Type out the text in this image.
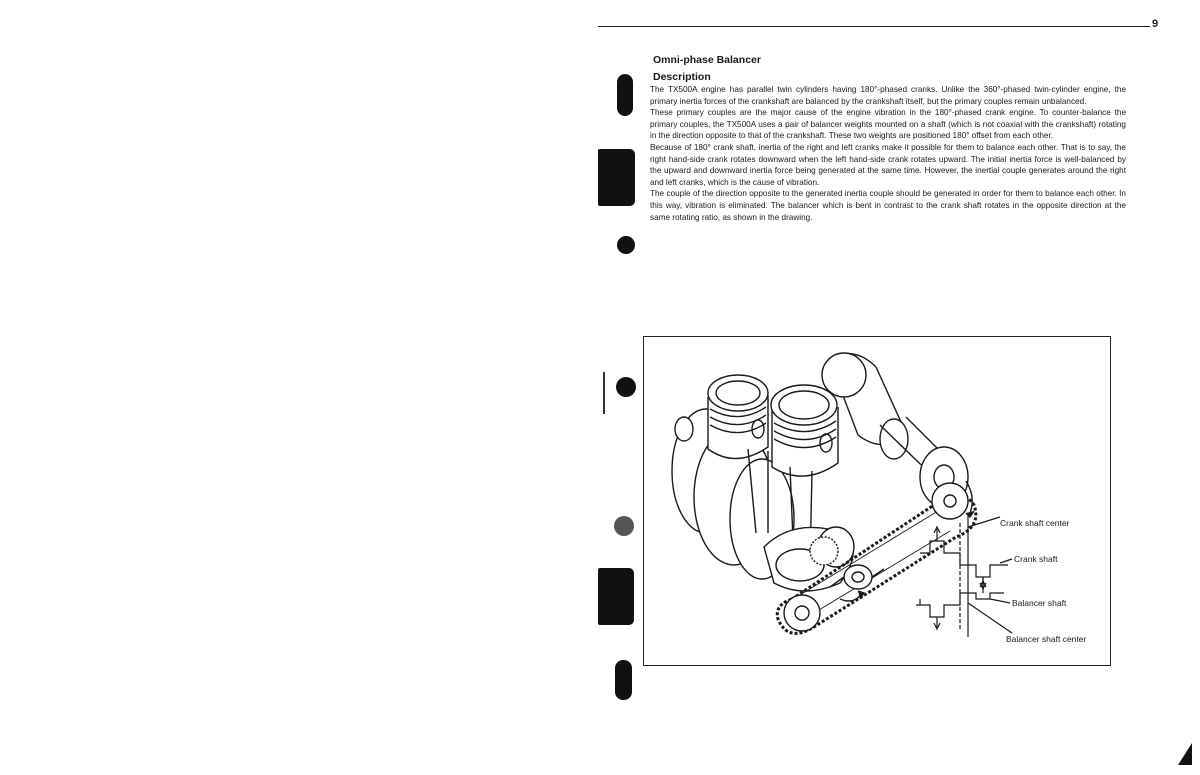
9
Omni-phase Balancer
Description

The TX500A engine has parallel twin cylinders having 180°-phased cranks. Unlike the 360°-phased twin-cylinder engine, the primary inertia forces of the crankshaft are balanced by the crankshaft itself, but the primary couples remain unbalanced.

These primary couples are the major cause of the engine vibration in the 180°-phased crank engine. To counter-balance the primary couples, the TX500A uses a pair of balancer weights mounted on a shaft (which is not coaxial with the crankshaft) rotating in the direction opposite to that of the crankshaft. These two weights are positioned 180° offset from each other.

Because of 180° crank shaft, inertia of the right and left cranks make it possible for them to balance each other. That is to say, the right hand-side crank rotates downward when the left hand-side crank rotates upward. The initial inertia force is well-balanced by the upward and downward inertia force being generated at the same time. However, the inertial couple generates around the right and left cranks, which is the cause of vibration.

The couple of the direction opposite to the generated inertia couple should be generated in order for them to balance each other. In this way, vibration is eliminated. The balancer which is bent in contrast to the crank shaft rotates in the opposite direction at the same rotating ratio, as shown in the drawing.

Crank shaft center
Crank shaft
Balancer shaft
Balancer shaft center
